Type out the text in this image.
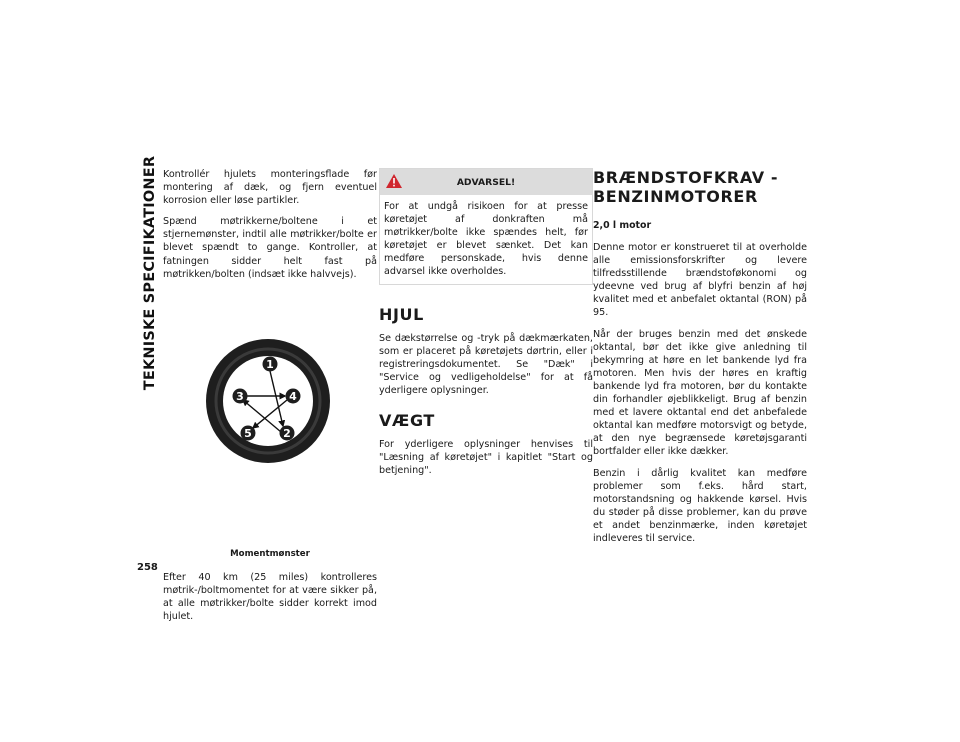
TEKNISKE SPECIFIKATIONER
258

Kontrollér hjulets monteringsflade før montering af dæk, og fjern eventuel korrosion eller løse partikler.

Spænd møtrikkerne/boltene i et stjernemønster, indtil alle møtrikker/bolte er blevet spændt to gange. Kontroller, at fatningen sidder helt fast på møtrikken/bolten (indsæt ikke halvvejs).

1
2
3	4
5
Momentmønster

Efter 40 km (25 miles) kontrolleres møtrik-/boltmomentet for at være sikker på, at alle møtrikker/bolte sidder korrekt imod hjulet.

ADVARSEL!

For at undgå risikoen for at presse køretøjet af donkraften må møtrikker/bolte ikke spændes helt, før køretøjet er blevet sænket. Det kan medføre personskade, hvis denne advarsel ikke overholdes.

HJUL

Se dækstørrelse og -tryk på dækmærkaten, som er placeret på køretøjets dørtrin, eller i registreringsdokumentet. Se "Dæk" i "Service og vedligeholdelse" for at få yderligere oplysninger.

VÆGT

For yderligere oplysninger henvises til "Læsning af køretøjet" i kapitlet "Start og betjening".

BRÆNDSTOFKRAV - BENZINMOTORER
2,0 l motor

Denne motor er konstrueret til at overholde alle emissionsforskrifter og levere tilfredsstillende brændstoføkonomi og ydeevne ved brug af blyfri benzin af høj kvalitet med et anbefalet oktantal (RON) på 95.

Når der bruges benzin med det ønskede oktantal, bør det ikke give anledning til bekymring at høre en let bankende lyd fra motoren. Men hvis der høres en kraftig bankende lyd fra motoren, bør du kontakte din forhandler øjeblikkeligt. Brug af benzin med et lavere oktantal end det anbefalede oktantal kan medføre motorsvigt og betyde, at den nye begrænsede køretøjsgaranti bortfalder eller ikke dækker.

Benzin i dårlig kvalitet kan medføre problemer som f.eks. hård start, motorstandsning og hakkende kørsel. Hvis du støder på disse problemer, kan du prøve et andet benzinmærke, inden køretøjet indleveres til service.
